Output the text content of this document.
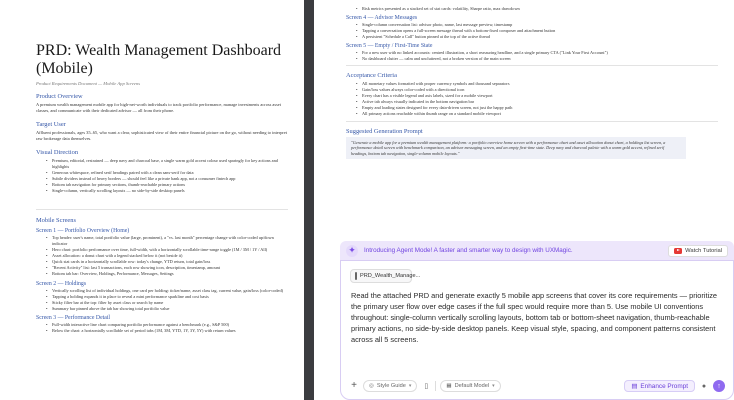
PRD: Wealth Management Dashboard (Mobile)
Product Requirements Document — Mobile App Screens
Product Overview
A premium wealth management mobile app for high-net-worth individuals to track portfolio performance, manage investments across asset classes, and communicate with their dedicated advisor — all from their phone.
Target User
Affluent professionals, ages 35–65, who want a clear, sophisticated view of their entire financial picture on the go, without needing to interpret raw brokerage data themselves.
Visual Direction
• Premium, editorial, restrained — deep navy and charcoal base, a single warm gold accent colour used sparingly for key actions and highlights
• Generous whitespace, refined serif headings paired with a clean sans-serif for data
• Subtle dividers instead of heavy borders — should feel like a private bank app, not a consumer fintech app
• Bottom tab navigation for primary sections, thumb-reachable primary actions
• Single-column, vertically scrolling layouts — no side-by-side desktop panels
Mobile Screens
Screen 1 — Portfolio Overview (Home)
• Top header: user's name, total portfolio value (large, prominent), a "vs. last month" percentage change with color-coded up/down indicator
• Hero chart: portfolio performance over time, full-width, with a horizontally scrollable time-range toggle (1M / 3M / 1Y / All)
• Asset allocation: a donut chart with a legend stacked below it (not beside it)
• Quick stat cards in a horizontally scrollable row: today's change, YTD return, total gain/loss
• "Recent Activity" list: last 5 transactions, each row showing icon, description, timestamp, amount
• Bottom tab bar: Overview, Holdings, Performance, Messages, Settings
Screen 2 — Holdings
• Vertically scrolling list of individual holdings, one card per holding: ticker/name, asset class tag, current value, gain/loss (color-coded)
• Tapping a holding expands it in place to reveal a mini performance sparkline and cost basis
• Sticky filter bar at the top: filter by asset class or search by name
• Summary bar pinned above the tab bar showing total portfolio value
Screen 3 — Performance Detail
• Full-width interactive line chart comparing portfolio performance against a benchmark (e.g., S&P 500)
• Below the chart: a horizontally scrollable set of period tabs (1M, 3M, YTD, 1Y, 3Y, 5Y) with return values
• Risk metrics presented as a stacked set of stat cards: volatility, Sharpe ratio, max drawdown
Screen 4 — Advisor Messages
• Single-column conversation list: advisor photo, name, last message preview, timestamp
• Tapping a conversation opens a full-screen message thread with a bottom-fixed composer and attachment button
• A persistent "Schedule a Call" button pinned at the top of the active thread
Screen 5 — Empty / First-Time State
• For a new user with no linked accounts: centred illustration, a short reassuring headline, and a single primary CTA ("Link Your First Account")
• No dashboard clutter — calm and uncluttered, not a broken version of the main screen
Acceptance Criteria
• All monetary values formatted with proper currency symbols and thousand separators
• Gain/loss values always color-coded with a directional icon
• Every chart has a visible legend and axis labels, sized for a mobile viewport
• Active tab always visually indicated in the bottom navigation bar
• Empty and loading states designed for every data-driven screen, not just the happy path
• All primary actions reachable within thumb range on a standard mobile viewport
Suggested Generation Prompt
"Generate a mobile app for a premium wealth management platform: a portfolio overview home screen with a performance chart and asset allocation donut chart, a holdings list screen, a performance detail screen with benchmark comparison, an advisor messaging screen, and an empty first-time state. Deep navy and charcoal palette with a warm gold accent, refined serif headings, bottom tab navigation, single-column mobile layouts."
✦	Introducing Agent Mode! A faster and smarter way to design with UXMagic.	Watch Tutorial
PRD_Wealth_Manage...
Read the attached PRD and generate exactly 5 mobile app screens that cover its core requirements — prioritize the primary user flow over edge cases if the full spec would require more than 5. Use mobile UI conventions throughout: single-column vertically scrolling layouts, bottom tab or bottom-sheet navigation, thumb-reachable primary actions, no side-by-side desktop panels. Keep visual style, spacing, and component patterns consistent across all 5 screens.
+	◎ Style Guide ▾	▯	▦ Default Model ▾	▤ Enhance Prompt	●	↑
